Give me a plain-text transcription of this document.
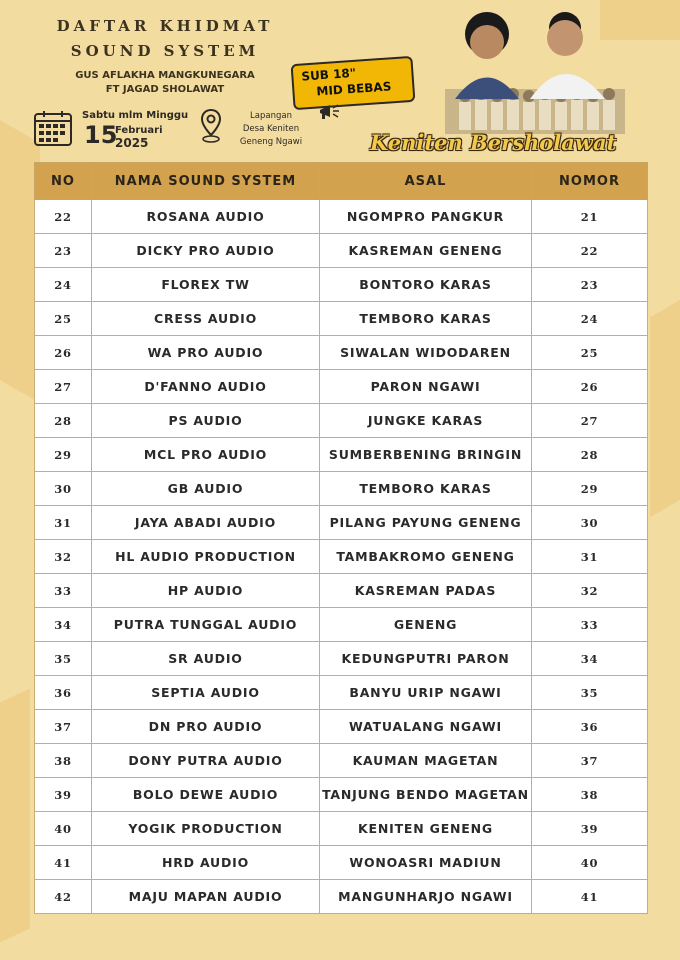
DAFTAR KHIDMAT
SOUND SYSTEM
GUS AFLAKHA MANGKUNEGARA
FT JAGAD SHOLAWAT
Sabtu mlm Minggu
15
Februari
2025
Lapangan
Desa Keniten
Geneng Ngawi
SUB 18"
MID BEBAS
Keniten Bersholawat
NO	NAMA SOUND SYSTEM	ASAL	NOMOR
22	ROSANA AUDIO	NGOMPRO PANGKUR	21
23	DICKY PRO AUDIO	KASREMAN GENENG	22
24	FLOREX TW	BONTORO KARAS	23
25	CRESS AUDIO	TEMBORO KARAS	24
26	WA PRO AUDIO	SIWALAN WIDODAREN	25
27	D'FANNO AUDIO	PARON NGAWI	26
28	PS AUDIO	JUNGKE KARAS	27
29	MCL PRO AUDIO	SUMBERBENING BRINGIN	28
30	GB AUDIO	TEMBORO KARAS	29
31	JAYA ABADI AUDIO	PILANG PAYUNG GENENG	30
32	HL AUDIO PRODUCTION	TAMBAKROMO GENENG	31
33	HP AUDIO	KASREMAN PADAS	32
34	PUTRA TUNGGAL AUDIO	GENENG	33
35	SR AUDIO	KEDUNGPUTRI PARON	34
36	SEPTIA AUDIO	BANYU URIP NGAWI	35
37	DN PRO AUDIO	WATUALANG NGAWI	36
38	DONY PUTRA AUDIO	KAUMAN MAGETAN	37
39	BOLO DEWE AUDIO	TANJUNG BENDO MAGETAN	38
40	YOGIK PRODUCTION	KENITEN GENENG	39
41	HRD AUDIO	WONOASRI MADIUN	40
42	MAJU MAPAN AUDIO	MANGUNHARJO NGAWI	41
